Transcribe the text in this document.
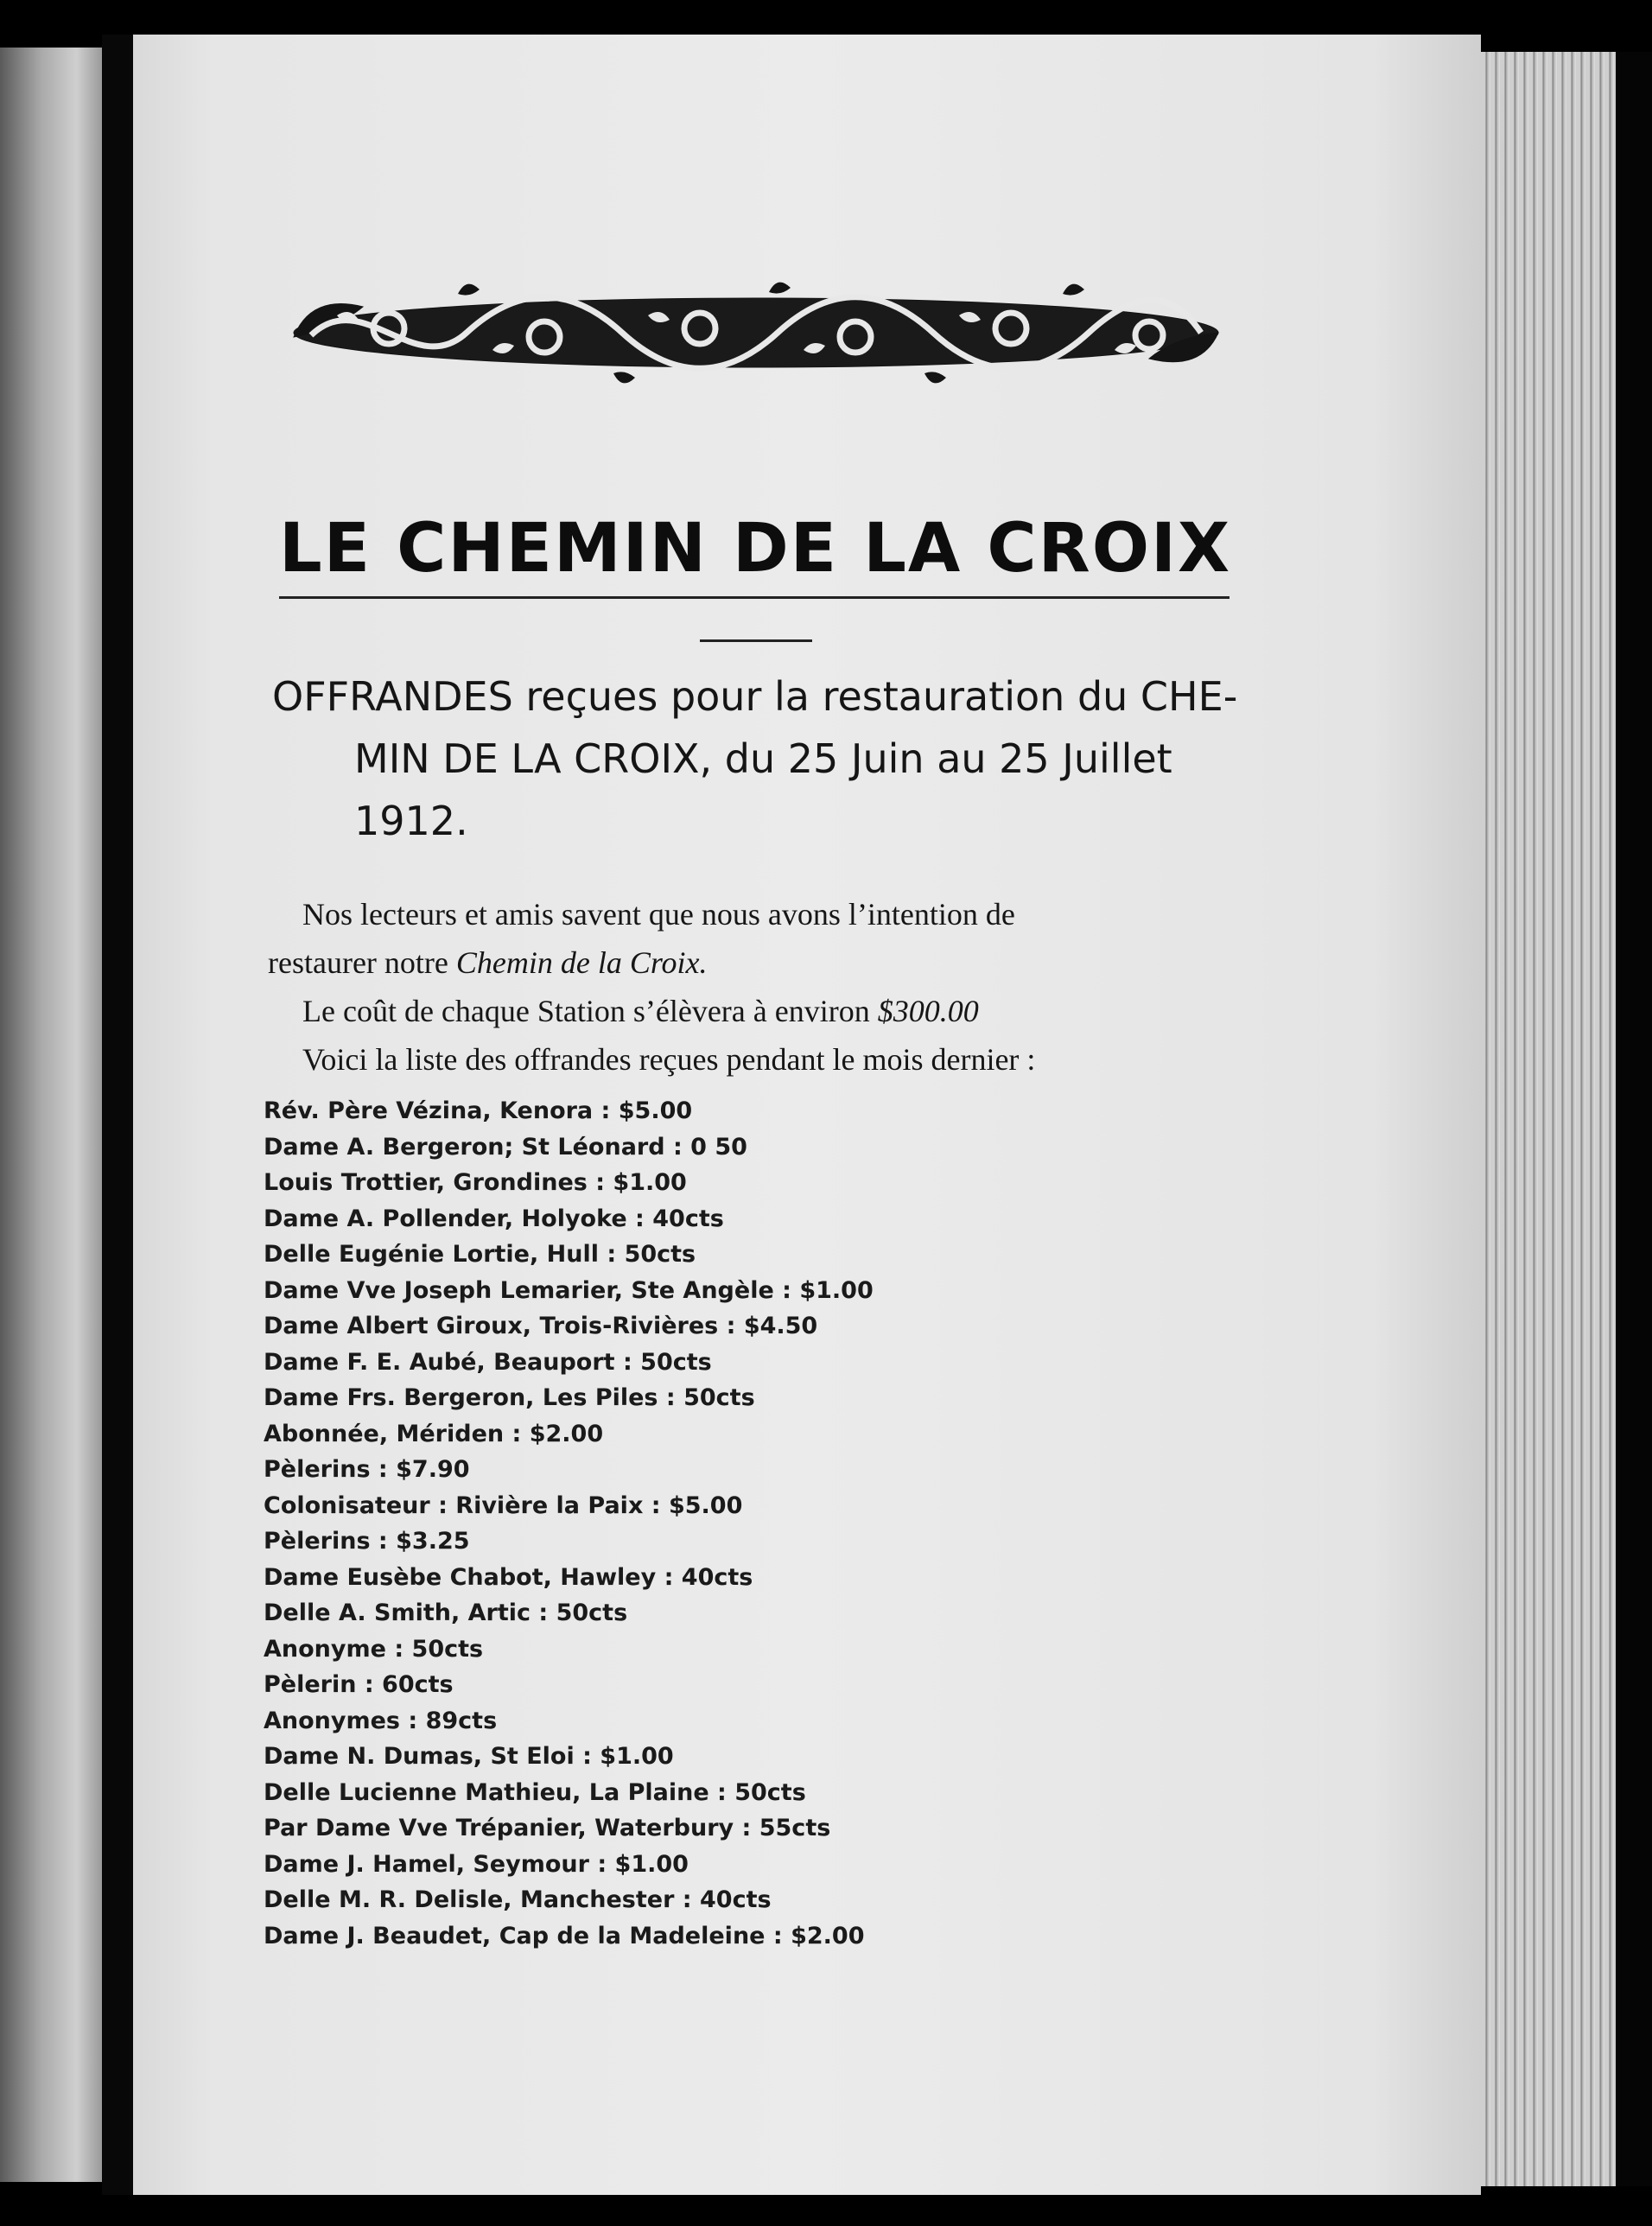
LE CHEMIN DE LA CROIX
OFFRANDES reçues pour la restauration du CHE-
MIN DE LA CROIX, du 25 Juin au 25 Juillet
1912.

Nos lecteurs et amis savent que nous avons l’intention de

restaurer notre Chemin de la Croix.

Le coût de chaque Station s’élèvera à environ $300.00

Voici la liste des offrandes reçues pendant le mois dernier :

Rév. Père Vézina, Kenora : $5.00
Dame A. Bergeron; St Léonard : 0 50
Louis Trottier, Grondines : $1.00
Dame A. Pollender, Holyoke : 40cts
Delle Eugénie Lortie, Hull : 50cts
Dame Vve Joseph Lemarier, Ste Angèle : $1.00
Dame Albert Giroux, Trois-Rivières : $4.50
Dame F. E. Aubé, Beauport : 50cts
Dame Frs. Bergeron, Les Piles : 50cts
Abonnée, Mériden : $2.00
Pèlerins : $7.90
Colonisateur : Rivière la Paix : $5.00
Pèlerins : $3.25
Dame Eusèbe Chabot, Hawley : 40cts
Delle A. Smith, Artic : 50cts
Anonyme : 50cts
Pèlerin : 60cts
Anonymes : 89cts
Dame N. Dumas, St Eloi : $1.00
Delle Lucienne Mathieu, La Plaine : 50cts
Par Dame Vve Trépanier, Waterbury : 55cts
Dame J. Hamel, Seymour : $1.00
Delle M. R. Delisle, Manchester : 40cts
Dame J. Beaudet, Cap de la Madeleine : $2.00
